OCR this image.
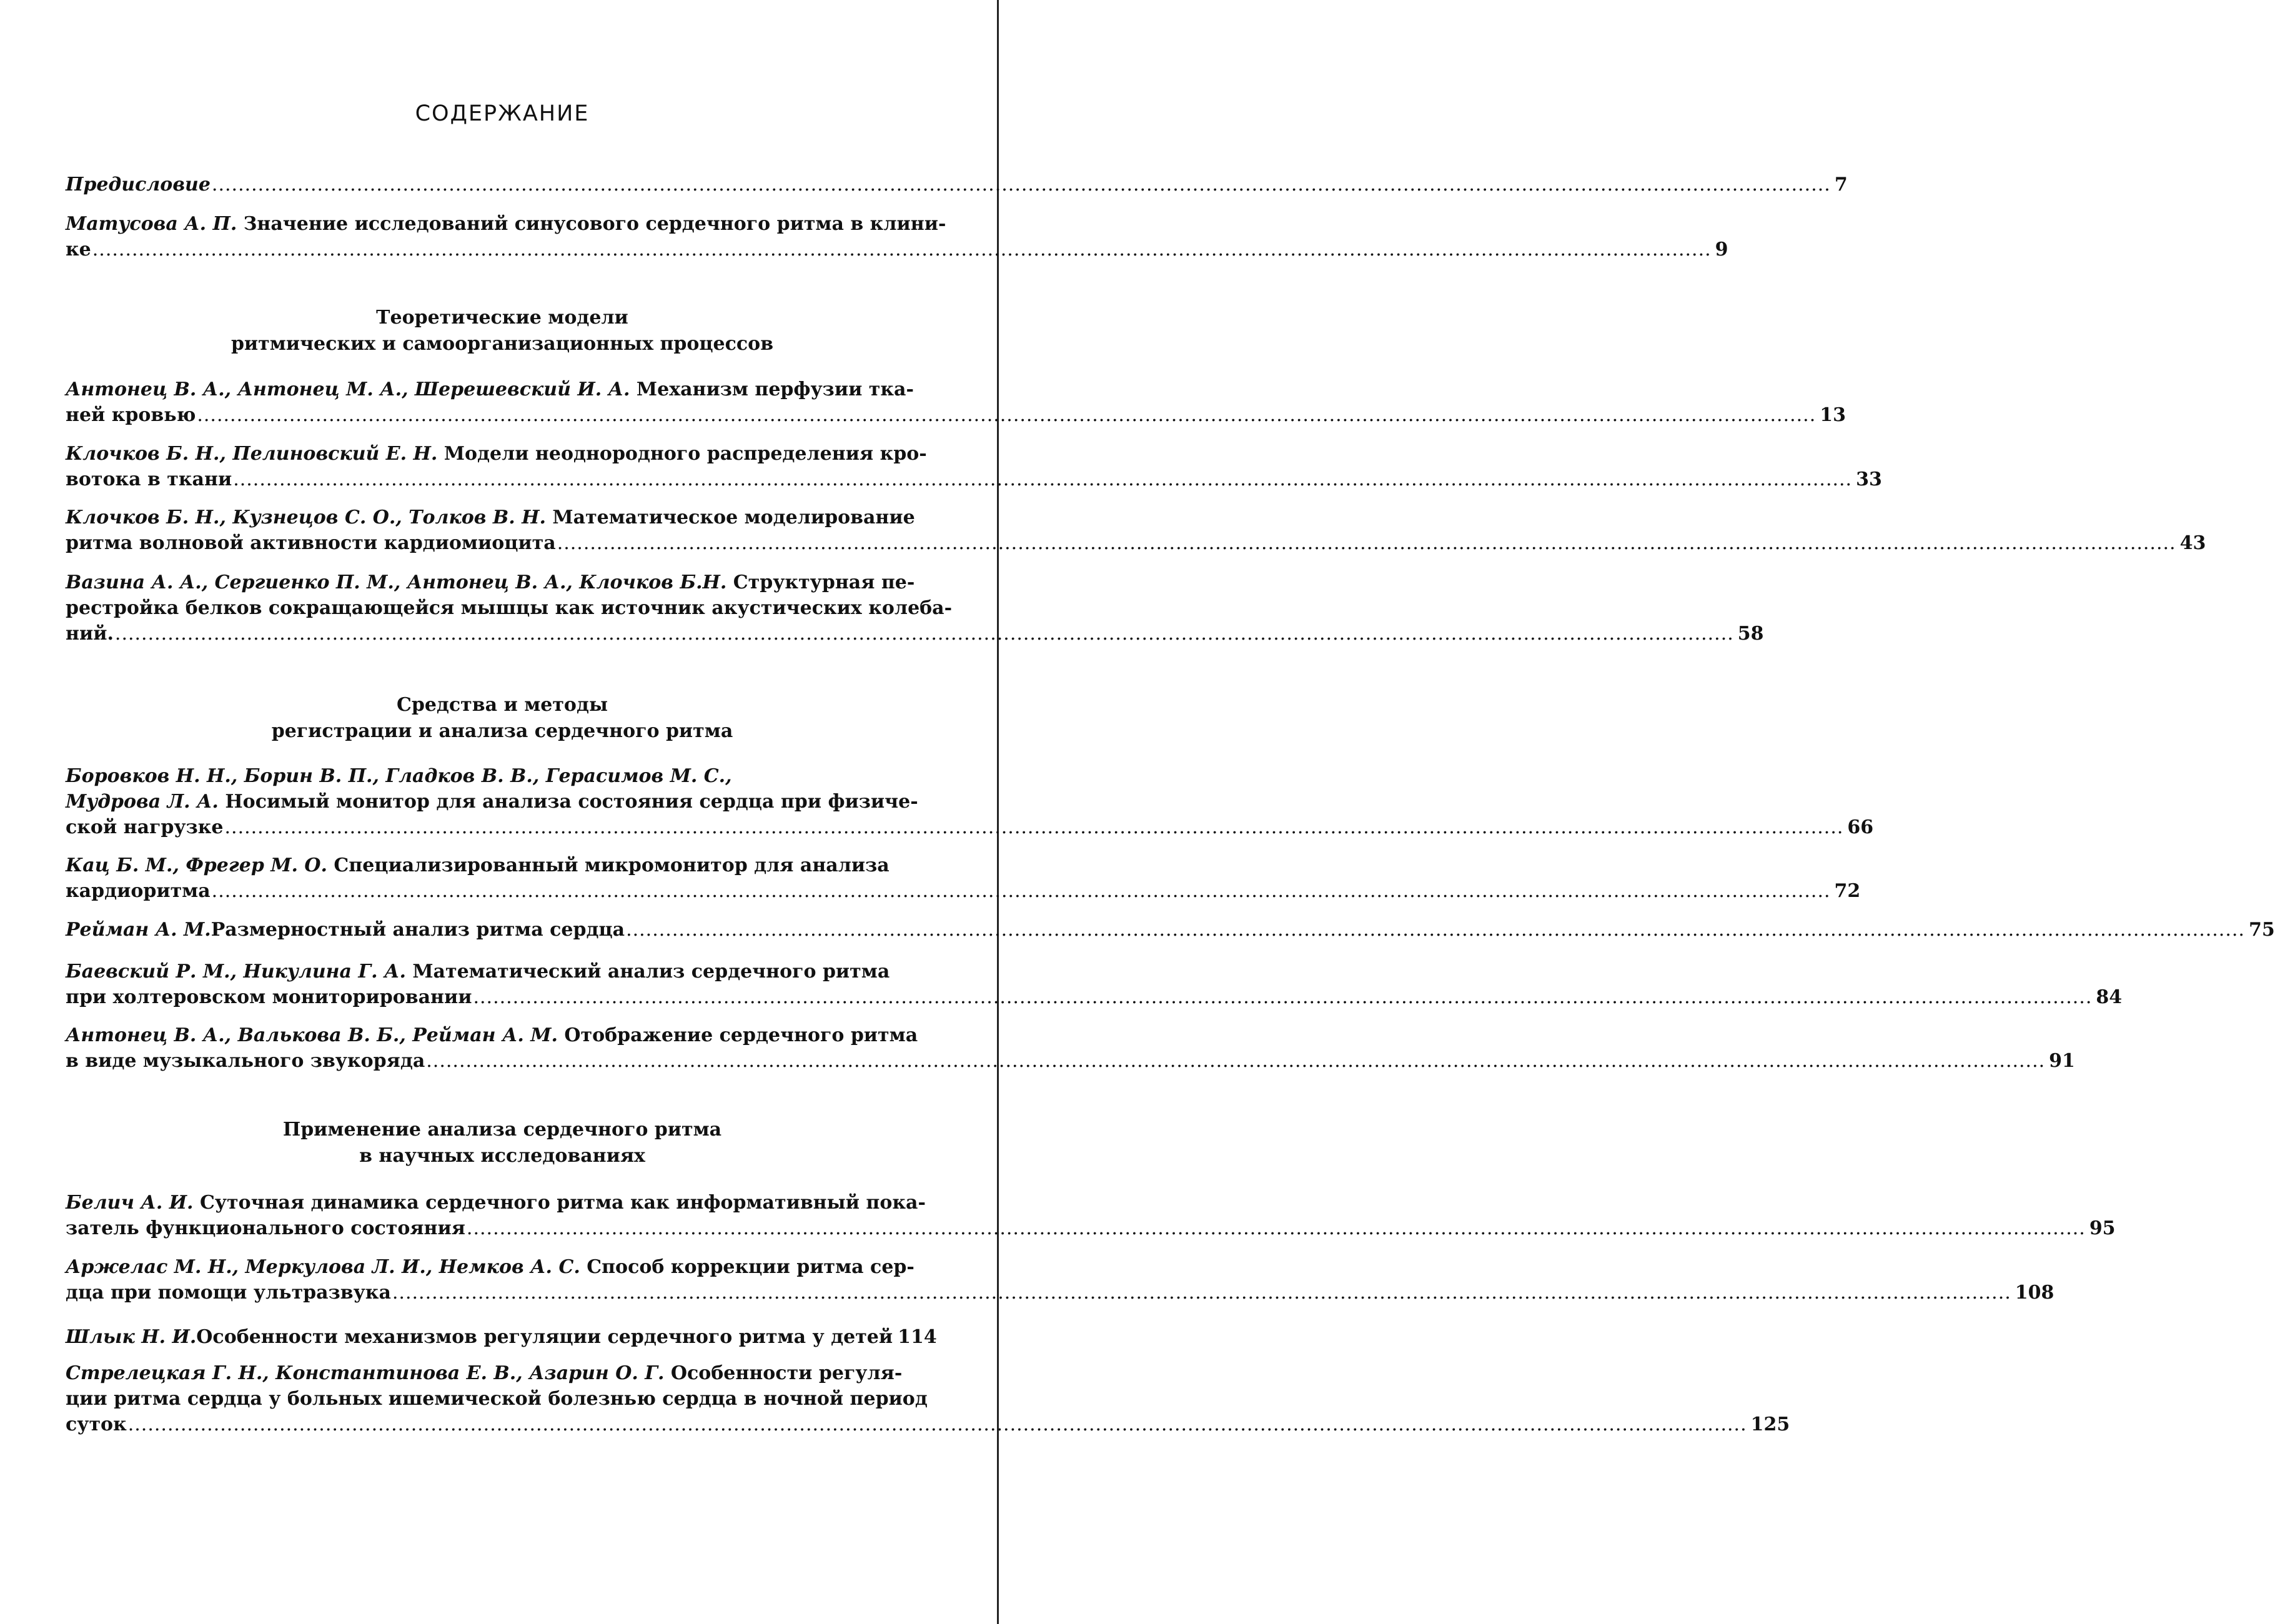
СОДЕРЖАНИЕ
Предисловие ...................................................................................................................................................................................................................................................... 7
Матусова А. П. Значение исследований синусового сердечного ритма в клини-
ке ...................................................................................................................................................................................................................................................... 9
Теоретические модели
ритмических и самоорганизационных процессов
Антонец В. А., Антонец М. А., Шерешевский И. А. Механизм перфузии тка-
ней кровью ...................................................................................................................................................................................................................................................... 13
Клочков Б. Н., Пелиновский Е. Н. Модели неоднородного распределения кро-
вотока в ткани ...................................................................................................................................................................................................................................................... 33
Клочков Б. Н., Кузнецов С. О., Толков В. Н. Математическое моделирование
ритма волновой активности кардиомиоцита ...................................................................................................................................................................................................................................................... 43
Вазина А. А., Сергиенко П. М., Антонец В. А., Клочков Б.Н. Структурная пе-
рестройка белков сокращающейся мышцы как источник акустических колеба-
ний. ...................................................................................................................................................................................................................................................... 58
Средства и методы
регистрации и анализа сердечного ритма
Боровков Н. Н., Борин В. П., Гладков В. В., Герасимов М. С.,
Мудрова Л. А. Носимый монитор для анализа состояния сердца при физиче-
ской нагрузке ...................................................................................................................................................................................................................................................... 66
Кац Б. М., Фрегер М. О. Специализированный микромонитор для анализа
кардиоритма ...................................................................................................................................................................................................................................................... 72
Рейман А. М. Размерностный анализ ритма сердца ...................................................................................................................................................................................................................................................... 75
Баевский Р. М., Никулина Г. А. Математический анализ сердечного ритма
при холтеровском мониторировании ...................................................................................................................................................................................................................................................... 84
Антонец В. А., Валькова В. Б., Рейман А. М. Отображение сердечного ритма
в виде музыкального звукоряда ...................................................................................................................................................................................................................................................... 91
Применение анализа сердечного ритма
в научных исследованиях
Белич А. И. Суточная динамика сердечного ритма как информативный пока-
затель функционального состояния ...................................................................................................................................................................................................................................................... 95
Аржелас М. Н., Меркулова Л. И., Немков А. С. Способ коррекции ритма сер-
дца при помощи ультразвука ...................................................................................................................................................................................................................................................... 108
Шлык Н. И. Особенности механизмов регуляции сердечного ритма у детей 114
Стрелецкая Г. Н., Константинова Е. В., Азарин О. Г. Особенности регуля-
ции ритма сердца у больных ишемической болезнью сердца в ночной период
суток ...................................................................................................................................................................................................................................................... 125
